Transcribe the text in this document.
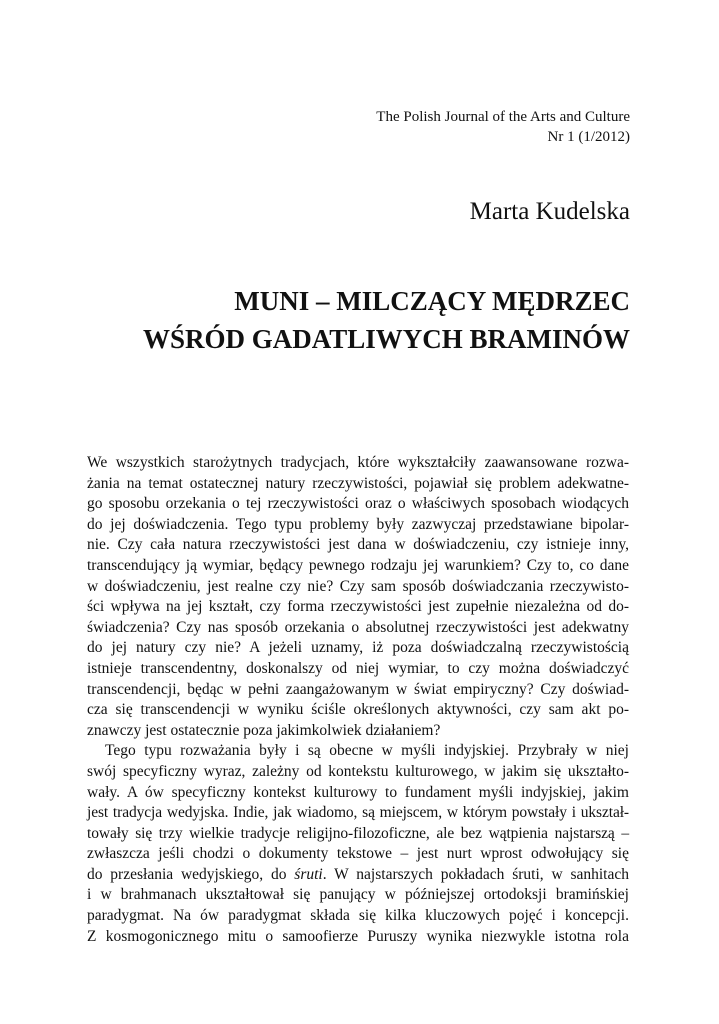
The Polish Journal of the Arts and Culture
Nr 1 (1/2012)
Marta Kudelska
MUNI – MILCZĄCY MĘDRZEC
WŚRÓD GADATLIWYCH BRAMINÓW
We wszystkich starożytnych tradycjach, które wykształciły zaawansowane rozwa-
żania na temat ostatecznej natury rzeczywistości, pojawiał się problem adekwatne-
go sposobu orzekania o tej rzeczywistości oraz o właściwych sposobach wiodących
do jej doświadczenia. Tego typu problemy były zazwyczaj przedstawiane bipolar-
nie. Czy cała natura rzeczywistości jest dana w doświadczeniu, czy istnieje inny,
transcendujący ją wymiar, będący pewnego rodzaju jej warunkiem? Czy to, co dane
w doświadczeniu, jest realne czy nie? Czy sam sposób doświadczania rzeczywisto-
ści wpływa na jej kształt, czy forma rzeczywistości jest zupełnie niezależna od do-
świadczenia? Czy nas sposób orzekania o absolutnej rzeczywistości jest adekwatny
do jej natury czy nie? A jeżeli uznamy, iż poza doświadczalną rzeczywistością
istnieje transcendentny, doskonalszy od niej wymiar, to czy można doświadczyć
transcendencji, będąc w pełni zaangażowanym w świat empiryczny? Czy doświad-
cza się transcendencji w wyniku ściśle określonych aktywności, czy sam akt po-
znawczy jest ostatecznie poza jakimkolwiek działaniem?
Tego typu rozważania były i są obecne w myśli indyjskiej. Przybrały w niej
swój specyficzny wyraz, zależny od kontekstu kulturowego, w jakim się ukształto-
wały. A ów specyficzny kontekst kulturowy to fundament myśli indyjskiej, jakim
jest tradycja wedyjska. Indie, jak wiadomo, są miejscem, w którym powstały i ukształ-
towały się trzy wielkie tradycje religijno-filozoficzne, ale bez wątpienia najstarszą –
zwłaszcza jeśli chodzi o dokumenty tekstowe – jest nurt wprost odwołujący się
do przesłania wedyjskiego, do śruti. W najstarszych pokładach śruti, w sanhitach
i w brahmanach ukształtował się panujący w późniejszej ortodoksji bramińskiej
paradygmat. Na ów paradygmat składa się kilka kluczowych pojęć i koncepcji.
Z kosmogonicznego mitu o samoofierze Puruszy wynika niezwykle istotna rola
